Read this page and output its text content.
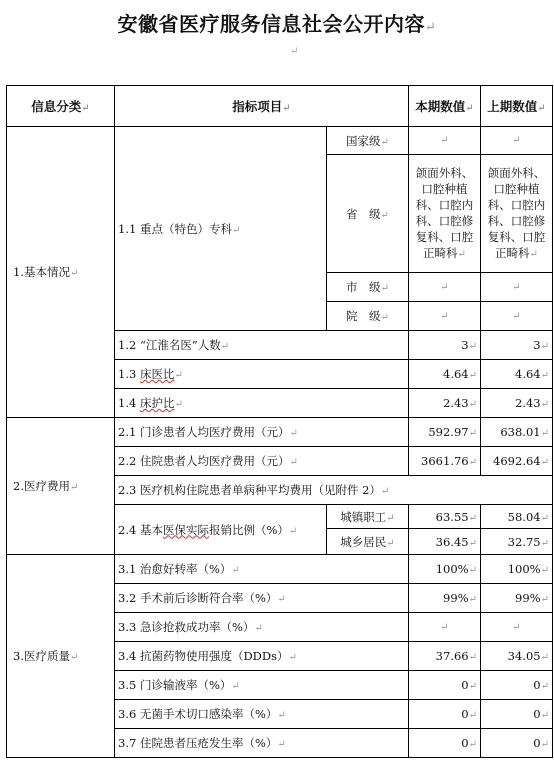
安徽省医疗服务信息社会公开内容↵
↵
信息分类↵	指标项目↵		本期数值↵	上期数值↵
1.基本情况↵	1.1 重点（特色）专科↵	国家级↵	↵	↵
		省　级↵	颌面外科、口腔种植科、口腔内科、口腔修复科、口腔正畸科↵	颌面外科、口腔种植科、口腔内科、口腔修复科、口腔正畸科↵
		市　级↵	↵	↵
		院　级↵	↵	↵
	1.2 “江淮名医”人数↵		3↵	3↵
	1.3 床医比↵		4.64↵	4.64↵
	1.4 床护比↵		2.43↵	2.43↵
2.医疗费用↵	2.1 门诊患者人均医疗费用（元）↵		592.97↵	638.01↵
	2.2 住院患者人均医疗费用（元）↵		3661.76↵	4692.64↵
	2.3 医疗机构住院患者单病种平均费用（见附件 2）↵			
	2.4 基本医保实际报销比例（%）↵	城镇职工↵	63.55↵	58.04↵
		城乡居民↵	36.45↵	32.75↵
3.医疗质量↵	3.1 治愈好转率（%）↵		100%↵	100%↵
	3.2 手术前后诊断符合率（%）↵		99%↵	99%↵
	3.3 急诊抢救成功率（%）↵		↵	↵
	3.4 抗菌药物使用强度（DDDs）↵		37.66↵	34.05↵
	3.5 门诊输液率（%）↵		0↵	0↵
	3.6 无菌手术切口感染率（%）↵		0↵	0↵
	3.7 住院患者压疮发生率（%）↵		0↵	0↵
